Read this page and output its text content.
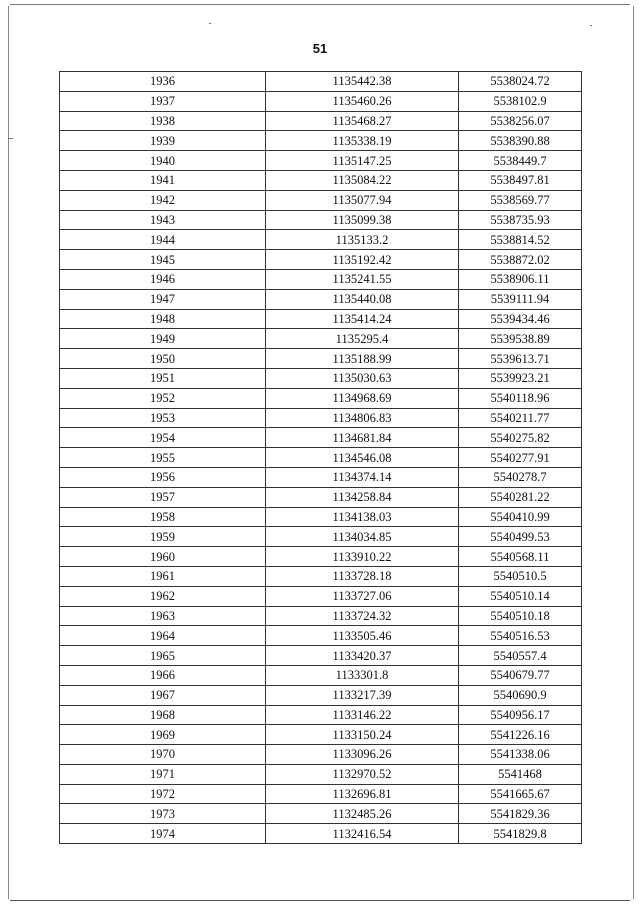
51
1936	1135442.38	5538024.72
1937	1135460.26	5538102.9
1938	1135468.27	5538256.07
1939	1135338.19	5538390.88
1940	1135147.25	5538449.7
1941	1135084.22	5538497.81
1942	1135077.94	5538569.77
1943	1135099.38	5538735.93
1944	1135133.2	5538814.52
1945	1135192.42	5538872.02
1946	1135241.55	5538906.11
1947	1135440.08	5539111.94
1948	1135414.24	5539434.46
1949	1135295.4	5539538.89
1950	1135188.99	5539613.71
1951	1135030.63	5539923.21
1952	1134968.69	5540118.96
1953	1134806.83	5540211.77
1954	1134681.84	5540275.82
1955	1134546.08	5540277.91
1956	1134374.14	5540278.7
1957	1134258.84	5540281.22
1958	1134138.03	5540410.99
1959	1134034.85	5540499.53
1960	1133910.22	5540568.11
1961	1133728.18	5540510.5
1962	1133727.06	5540510.14
1963	1133724.32	5540510.18
1964	1133505.46	5540516.53
1965	1133420.37	5540557.4
1966	1133301.8	5540679.77
1967	1133217.39	5540690.9
1968	1133146.22	5540956.17
1969	1133150.24	5541226.16
1970	1133096.26	5541338.06
1971	1132970.52	5541468
1972	1132696.81	5541665.67
1973	1132485.26	5541829.36
1974	1132416.54	5541829.8
